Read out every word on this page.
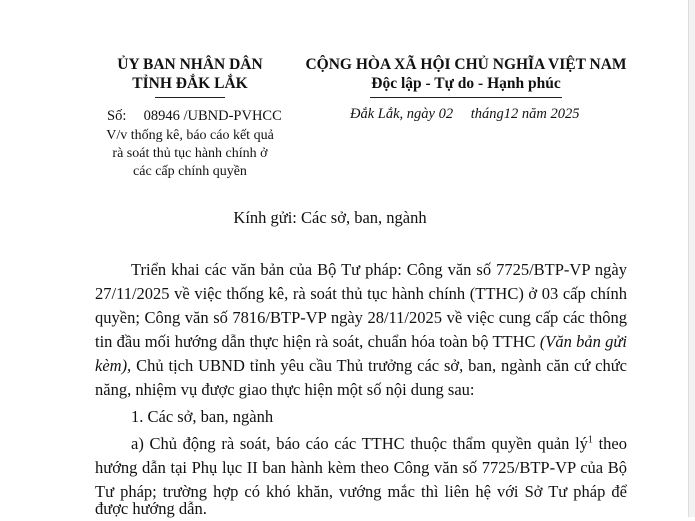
ỦY BAN NHÂN DÂN
TỈNH ĐẮK LẮK
CỘNG HÒA XÃ HỘI CHỦ NGHĨA VIỆT NAM
Độc lập - Tự do - Hạnh phúc
Số: 08946 /UBND-PVHCC	Đắk Lắk, ngày 02 tháng12 năm 2025
V/v thống kê, báo cáo kết quả
rà soát thủ tục hành chính ở
các cấp chính quyền
Kính gửi: Các sở, ban, ngành
Triển khai các văn bản của Bộ Tư pháp: Công văn số 7725/BTP-VP ngày
27/11/2025 về việc thống kê, rà soát thủ tục hành chính (TTHC) ở 03 cấp chính
quyền; Công văn số 7816/BTP-VP ngày 28/11/2025 về việc cung cấp các thông
tin đầu mối hướng dẫn thực hiện rà soát, chuẩn hóa toàn bộ TTHC (Văn bản gửi
kèm), Chủ tịch UBND tỉnh yêu cầu Thủ trưởng các sở, ban, ngành căn cứ chức
năng, nhiệm vụ được giao thực hiện một số nội dung sau:
1. Các sở, ban, ngành
a) Chủ động rà soát, báo cáo các TTHC thuộc thẩm quyền quản $lý^1$ theo
hướng dẫn tại Phụ lục II ban hành kèm theo Công văn số 7725/BTP-VP của Bộ
Tư pháp; trường hợp có khó khăn, vướng mắc thì liên hệ với Sở Tư pháp để
được hướng dẫn.
